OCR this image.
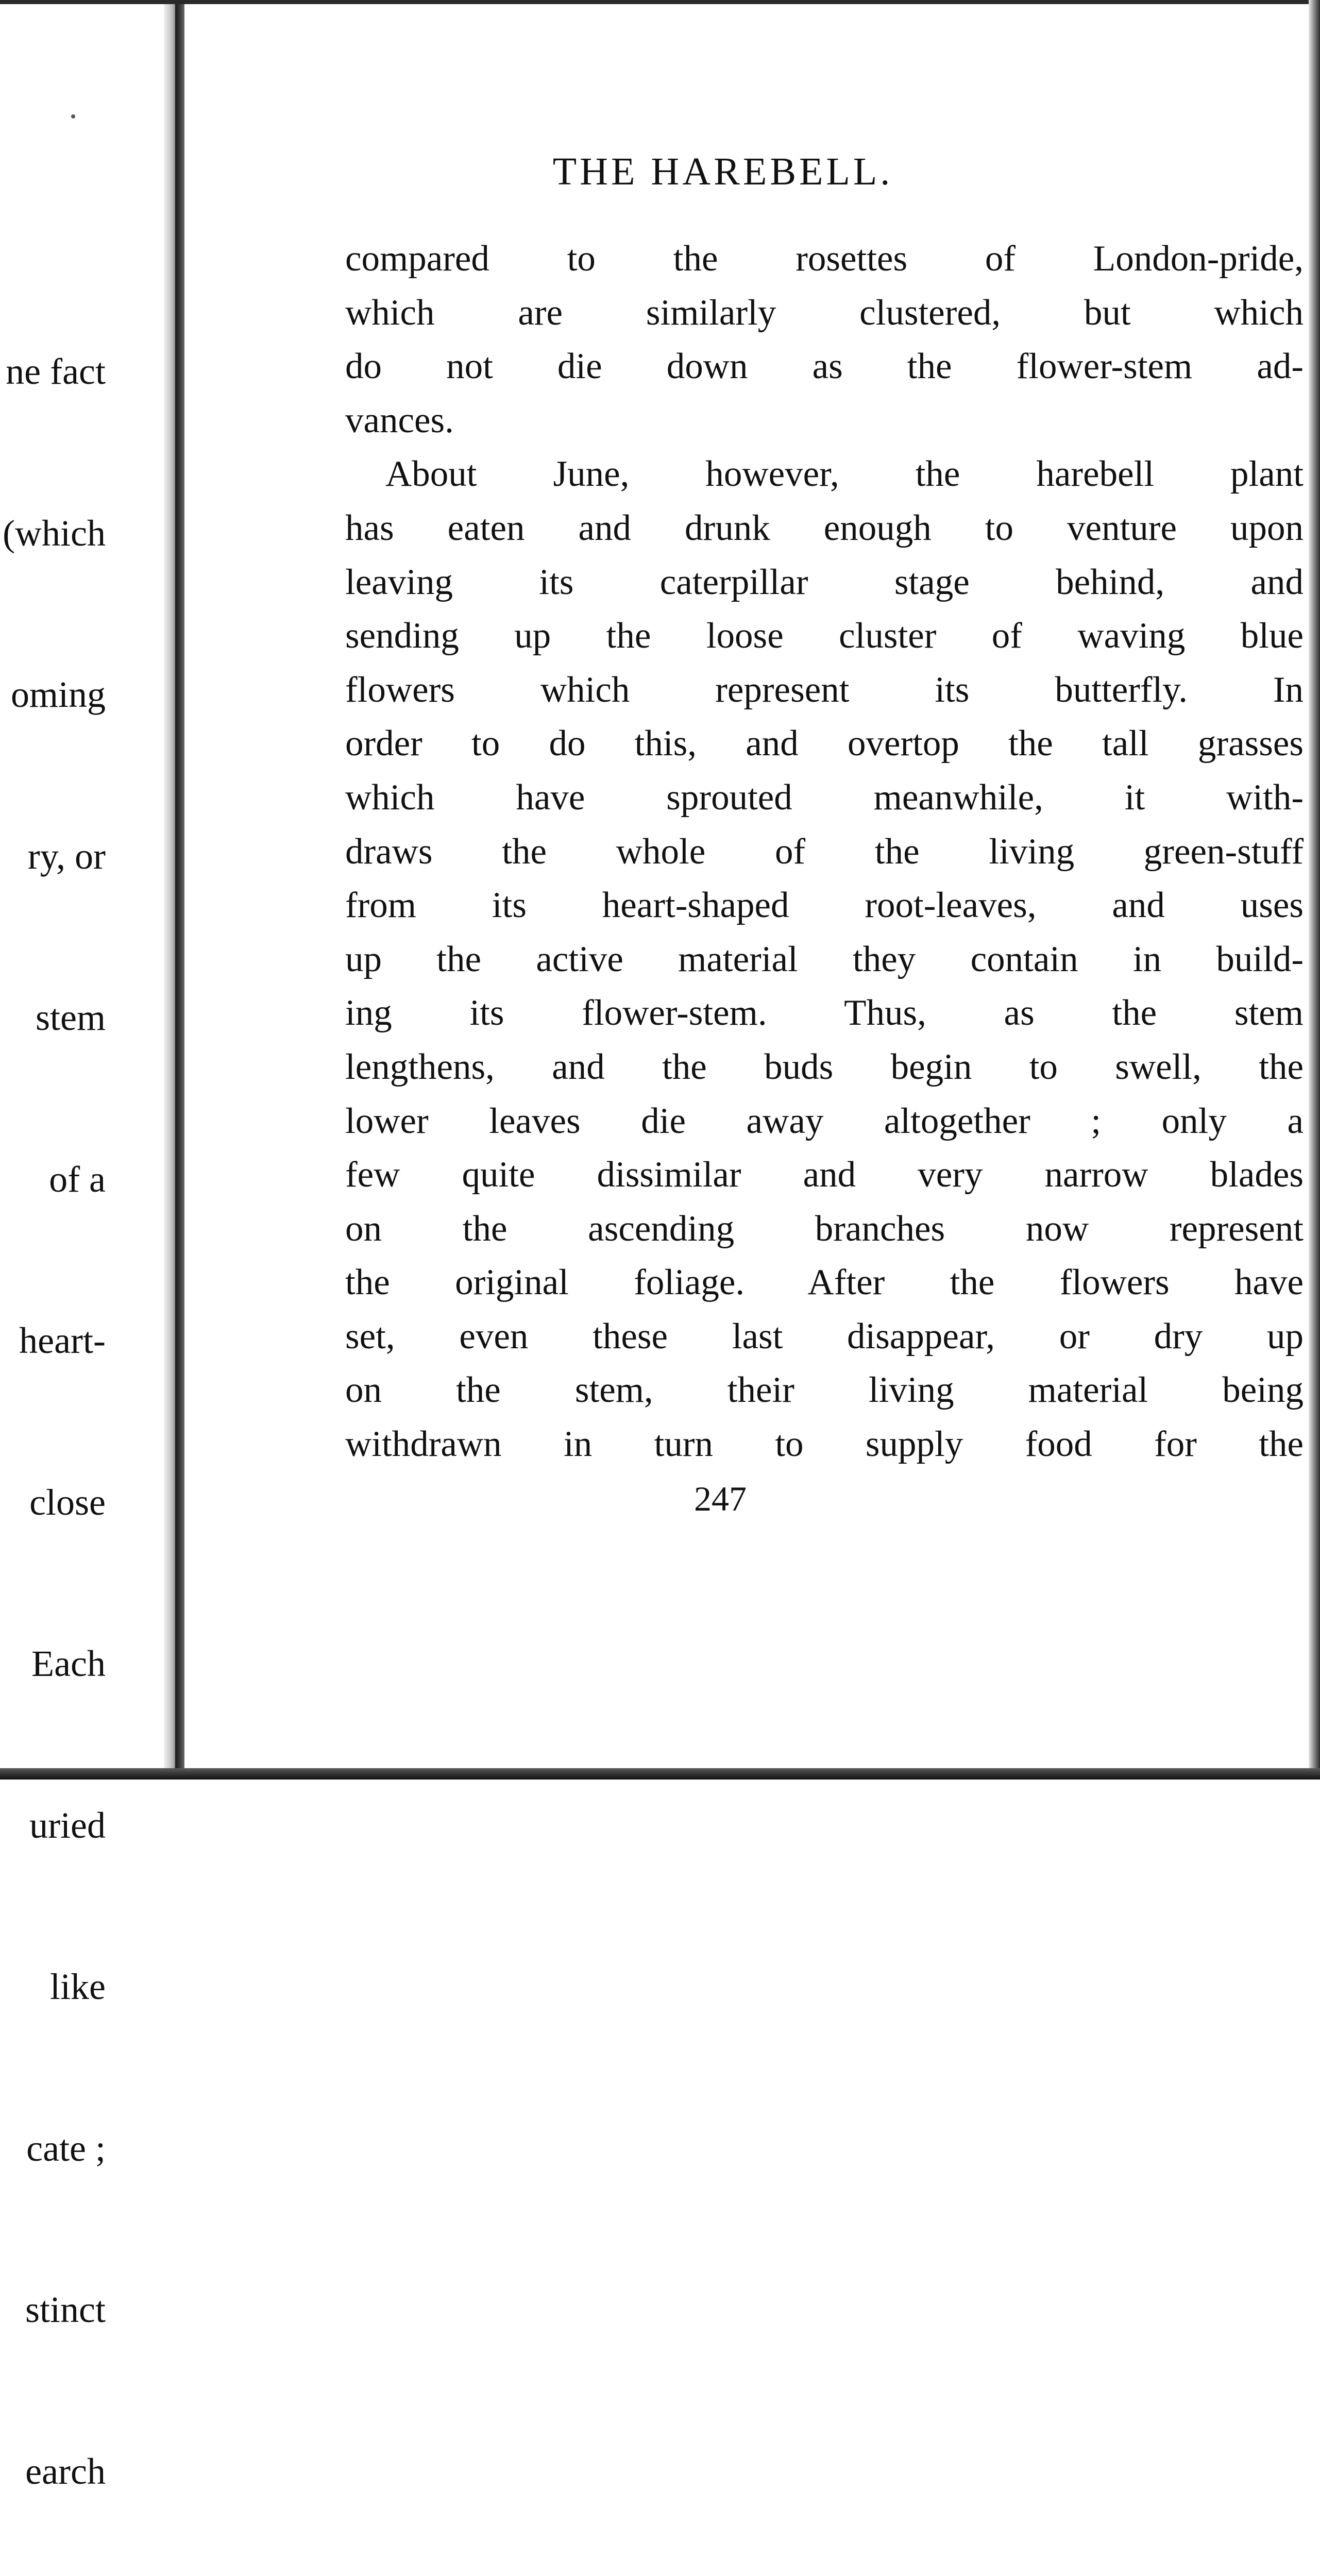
ne fact

(which

oming

ry, or

stem

of a

heart-

close

Each

uried

like

cate ;

stinct

earch

THE HAREBELL.
compared to the rosettes of London-pride,
which are similarly clustered, but which
do not die down as the flower-stem ad-
vances.
About June, however, the harebell plant
has eaten and drunk enough to venture upon
leaving its caterpillar stage behind, and
sending up the loose cluster of waving blue
flowers which represent its butterfly. In
order to do this, and overtop the tall grasses
which have sprouted meanwhile, it with-
draws the whole of the living green-stuff
from its heart-shaped root-leaves, and uses
up the active material they contain in build-
ing its flower-stem. Thus, as the stem
lengthens, and the buds begin to swell, the
lower leaves die away altogether ; only a
few quite dissimilar and very narrow blades
on the ascending branches now represent
the original foliage. After the flowers have
set, even these last disappear, or dry up
on the stem, their living material being
withdrawn in turn to supply food for the
247
